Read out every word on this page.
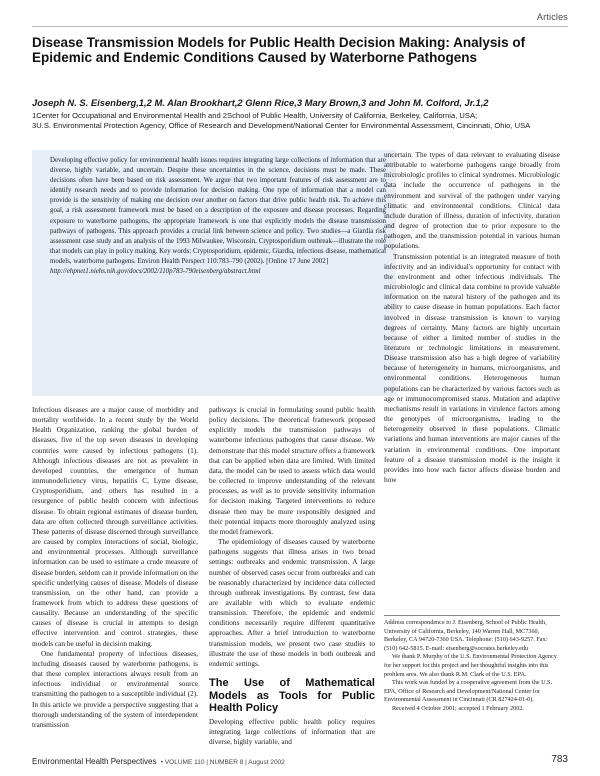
Articles
Disease Transmission Models for Public Health Decision Making: Analysis of Epidemic and Endemic Conditions Caused by Waterborne Pathogens
Joseph N. S. Eisenberg,1,2 M. Alan Brookhart,2 Glenn Rice,3 Mary Brown,3 and John M. Colford, Jr.1,2

1Center for Occupational and Environmental Health and 2School of Public Health, University of California, Berkeley, California, USA;

3U.S. Environmental Protection Agency, Office of Research and Development/National Center for Environmental Assessment, Cincinnati, Ohio, USA

Developing effective policy for environmental health issues requires integrating large collections of information that are diverse, highly variable, and uncertain. Despite these uncertainties in the science, decisions must be made. These decisions often have been based on risk assessment. We argue that two important features of risk assessment are to identify research needs and to provide information for decision making. One type of information that a model can provide is the sensitivity of making one decision over another on factors that drive public health risk. To achieve this goal, a risk assessment framework must be based on a description of the exposure and disease processes. Regarding exposure to waterborne pathogens, the appropriate framework is one that explicitly models the disease transmission pathways of pathogens. This approach provides a crucial link between science and policy. Two studies—a Giardia risk assessment case study and an analysis of the 1993 Milwaukee, Wisconsin, Cryptosporidium outbreak—illustrate the role that models can play in policy making. Key words: Cryptosporidium, epidemic, Giardia, infectious disease, mathematical models, waterborne pathogens. Environ Health Perspect 110:783–790 (2002). [Online 17 June 2002]

http://ehpnet1.niehs.nih.gov/docs/2002/110p783-790eisenberg/abstract.html

Infectious diseases are a major cause of morbidity and mortality worldwide. In a recent study by the World Health Organization, ranking the global burden of diseases, five of the top seven diseases in developing countries were caused by infectious pathogens (1). Although infectious diseases are not as prevalent in developed countries, the emergence of human immunodeficiency virus, hepatitis C, Lyme disease, Cryptosporidium, and others has resulted in a resurgence of public health concern with infectious disease. To obtain regional estimates of disease burden, data are often collected through surveillance activities. These patterns of disease discerned through surveillance are caused by complex interactions of social, biologic, and environmental processes. Although surveillance information can be used to estimate a crude measure of disease burden, seldom can it provide information on the specific underlying causes of disease. Models of disease transmission, on the other hand, can provide a framework from which to address these questions of causality. Because an understanding of the specific causes of disease is crucial in attempts to design effective intervention and control strategies, these models can be useful in decision making.

One fundamental property of infectious diseases, including diseases caused by waterborne pathogens, is that these complex interactions always result from an infectious individual or environmental source transmitting the pathogen to a susceptible individual (2). In this article we provide a perspective suggesting that a thorough understanding of the system of interdependent transmission

pathways is crucial in formulating sound public health policy decisions. The theoretical framework proposed explicitly models the transmission pathways of waterborne infectious pathogens that cause disease. We demonstrate that this model structure offers a framework that can be applied when data are limited. With limited data, the model can be used to assess which data would be collected to improve understanding of the relevant processes, as well as to provide sensitivity information for decision making. Targeted interventions to reduce disease then may be more responsibly designed and their potential impacts more thoroughly analyzed using the model framework.

The epidemiology of diseases caused by waterborne pathogens suggests that illness arises in two broad settings: outbreaks and endemic transmission. A large number of observed cases occur from outbreaks and can be reasonably characterized by incidence data collected through outbreak investigations. By contrast, few data are available with which to evaluate endemic transmission. Therefore, the epidemic and endemic conditions necessarily require different quantitative approaches. After a brief introduction to waterborne transmission models, we present two case studies to illustrate the use of these models in both outbreak and endemic settings.

The Use of Mathematical Models as Tools for Public Health Policy

Developing effective public health policy requires integrating large collections of information that are diverse, highly variable, and

uncertain. The types of data relevant to evaluating disease attributable to waterborne pathogens range broadly from microbiologic profiles to clinical syndromes. Microbiologic data include the occurrence of pathogens in the environment and survival of the pathogen under varying climatic and environmental conditions. Clinical data include duration of illness, duration of infectivity, duration and degree of protection due to prior exposure to the pathogen, and the transmission potential in various human populations.

Transmission potential is an integrated measure of both infectivity and an individual's opportunity for contact with the environment and other infectious individuals. The microbiologic and clinical data combine to provide valuable information on the natural history of the pathogen and its ability to cause disease in human populations. Each factor involved in disease transmission is known to varying degrees of certainty. Many factors are highly uncertain because of either a limited number of studies in the literature or technologic limitations in measurement. Disease transmission also has a high degree of variability because of heterogeneity in humans, microorganisms, and environmental conditions. Heterogeneous human populations can be characterized by various factors such as age or immunocompromised status. Mutation and adaptive mechanisms result in variations in virulence factors among the genotypes of microorganisms, leading to the heterogeneity observed in these populations. Climatic variations and human interventions are major causes of the variation in environmental conditions. One important feature of a disease transmission model is the insight it provides into how each factor affects disease burden and how

Address correspondence to J. Eisenberg, School of Public Health, University of California, Berkeley, 140 Warren Hall, MC7360, Berkeley, CA 94720-7360 USA. Telephone: (510) 643-9257. Fax: (510) 642-5815. E-mail: eisenberg@socrates.berkeley.edu

We thank P. Murphy of the U.S. Environmental Protection Agency for her support for this project and her thoughtful insights into this problem area. We also thank R.M. Clark of the U.S. EPA.

This work was funded by a cooperative agreement from the U.S. EPA, Office of Research and Development/National Center for Environmental Assessment in Cincinnati (CR 827424-01-0).

Received 4 October 2001; accepted 1 February 2002.

Environmental Health Perspectives • VOLUME 110 | NUMBER 8 | August 2002	783
